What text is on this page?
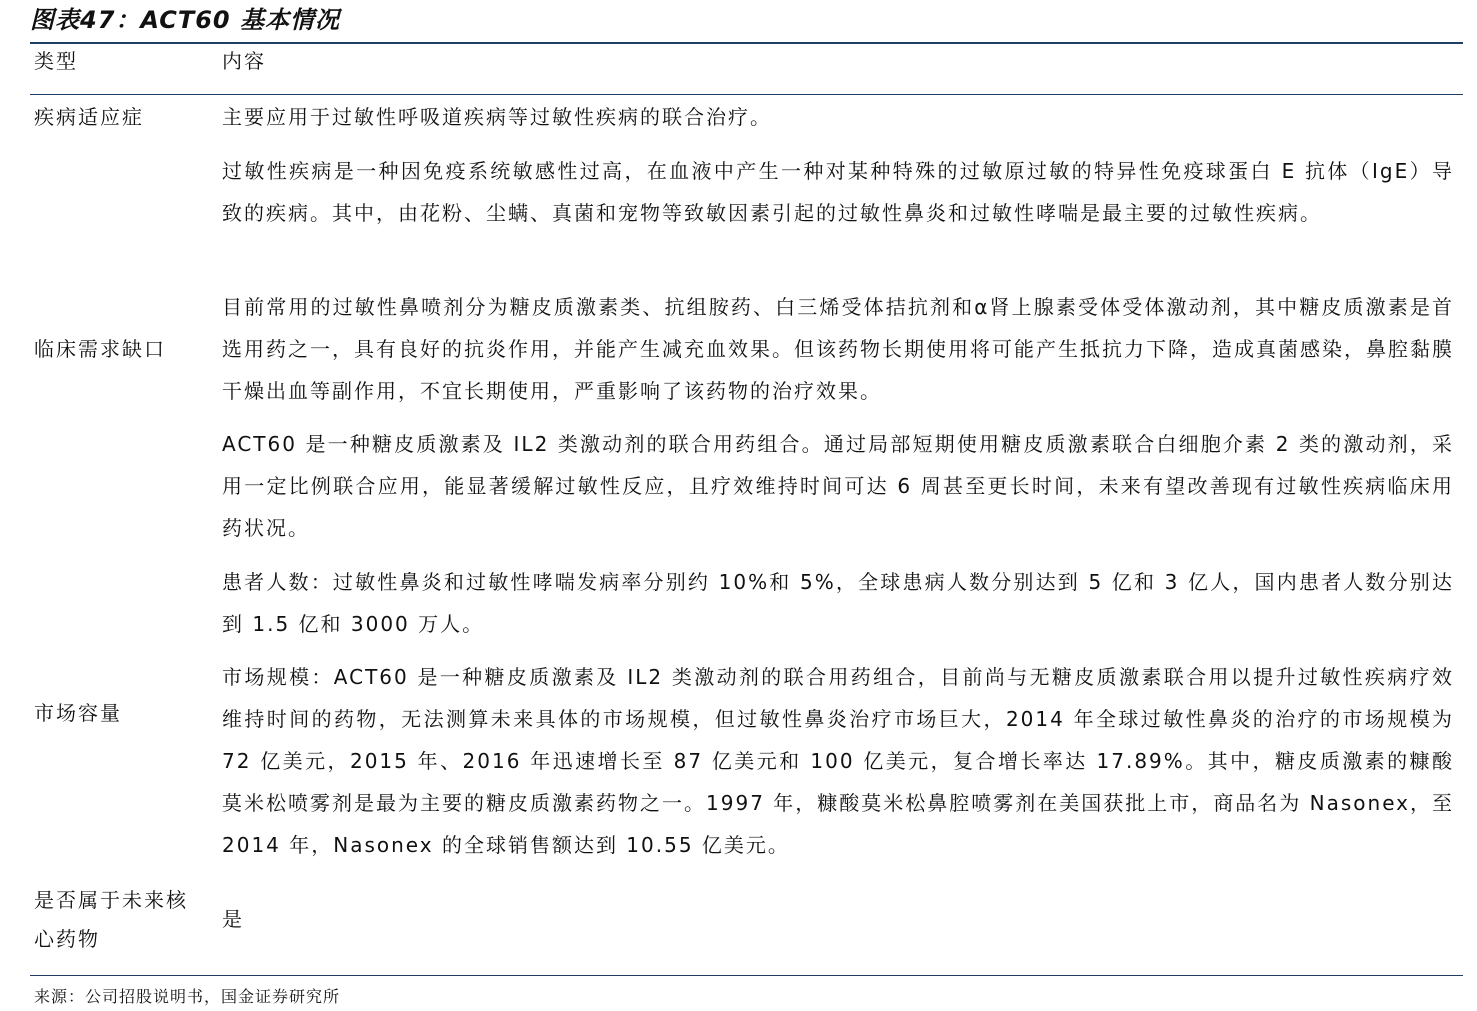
图表47：ACT60 基本情况
类型	内容
疾病适应症	主要应用于过敏性呼吸道疾病等过敏性疾病的联合治疗。
过敏性疾病是一种因免疫系统敏感性过高，在血液中产生一种对某种特殊的过敏原过敏的特异性免疫球蛋白 E 抗体（IgE）导致的疾病。其中，由花粉、尘螨、真菌和宠物等致敏因素引起的过敏性鼻炎和过敏性哮喘是最主要的过敏性疾病。
临床需求缺口
目前常用的过敏性鼻喷剂分为糖皮质激素类、抗组胺药、白三烯受体拮抗剂和α肾上腺素受体受体激动剂，其中糖皮质激素是首选用药之一，具有良好的抗炎作用，并能产生减充血效果。但该药物长期使用将可能产生抵抗力下降，造成真菌感染，鼻腔黏膜干燥出血等副作用，不宜长期使用，严重影响了该药物的治疗效果。
ACT60 是一种糖皮质激素及 IL2 类激动剂的联合用药组合。通过局部短期使用糖皮质激素联合白细胞介素 2 类的激动剂，采用一定比例联合应用，能显著缓解过敏性反应，且疗效维持时间可达 6 周甚至更长时间，未来有望改善现有过敏性疾病临床用药状况。
市场容量
患者人数：过敏性鼻炎和过敏性哮喘发病率分别约 10%和 5%，全球患病人数分别达到 5 亿和 3 亿人，国内患者人数分别达到 1.5 亿和 3000 万人。
市场规模：ACT60 是一种糖皮质激素及 IL2 类激动剂的联合用药组合，目前尚与无糖皮质激素联合用以提升过敏性疾病疗效维持时间的药物，无法测算未来具体的市场规模，但过敏性鼻炎治疗市场巨大，2014 年全球过敏性鼻炎的治疗的市场规模为 72 亿美元，2015 年、2016 年迅速增长至 87 亿美元和 100 亿美元，复合增长率达 17.89%。其中，糖皮质激素的糠酸莫米松喷雾剂是最为主要的糖皮质激素药物之一。1997 年，糠酸莫米松鼻腔喷雾剂在美国获批上市，商品名为 Nasonex，至 2014 年，Nasonex 的全球销售额达到 10.55 亿美元。
是否属于未来核
心药物
是
来源：公司招股说明书，国金证券研究所
